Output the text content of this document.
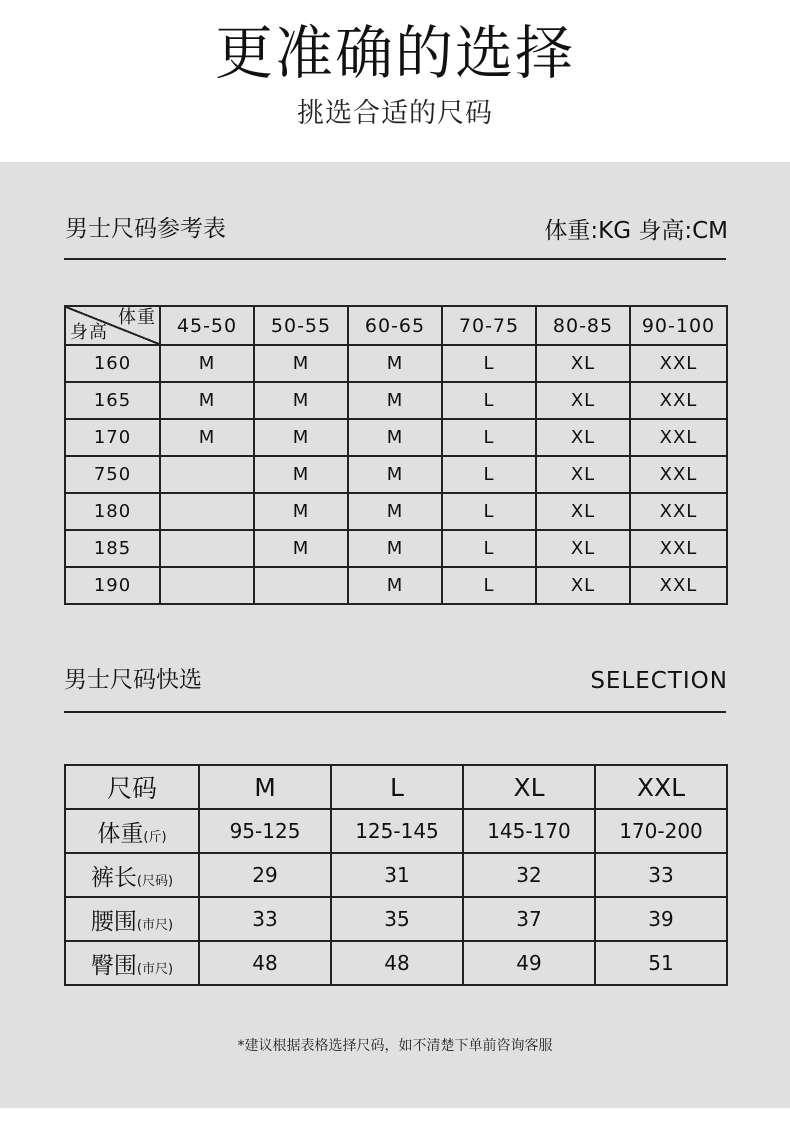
更准确的选择
挑选合适的尺码
男士尺码参考表	体重:KG 身高:CM
体重
身高	45-50	50-55	60-65	70-75	80-85	90-100
160	M	M	M	L	XL	XXL
165	M	M	M	L	XL	XXL
170	M	M	M	L	XL	XXL
750		M	M	L	XL	XXL
180		M	M	L	XL	XXL
185		M	M	L	XL	XXL
190			M	L	XL	XXL
男士尺码快选	SELECTION
尺码	M	L	XL	XXL
体重(斤)	95-125	125-145	145-170	170-200
裤长(尺码)	29	31	32	33
腰围(市尺)	33	35	37	39
臀围(市尺)	48	48	49	51
*建议根据表格选择尺码，如不清楚下单前咨询客服
